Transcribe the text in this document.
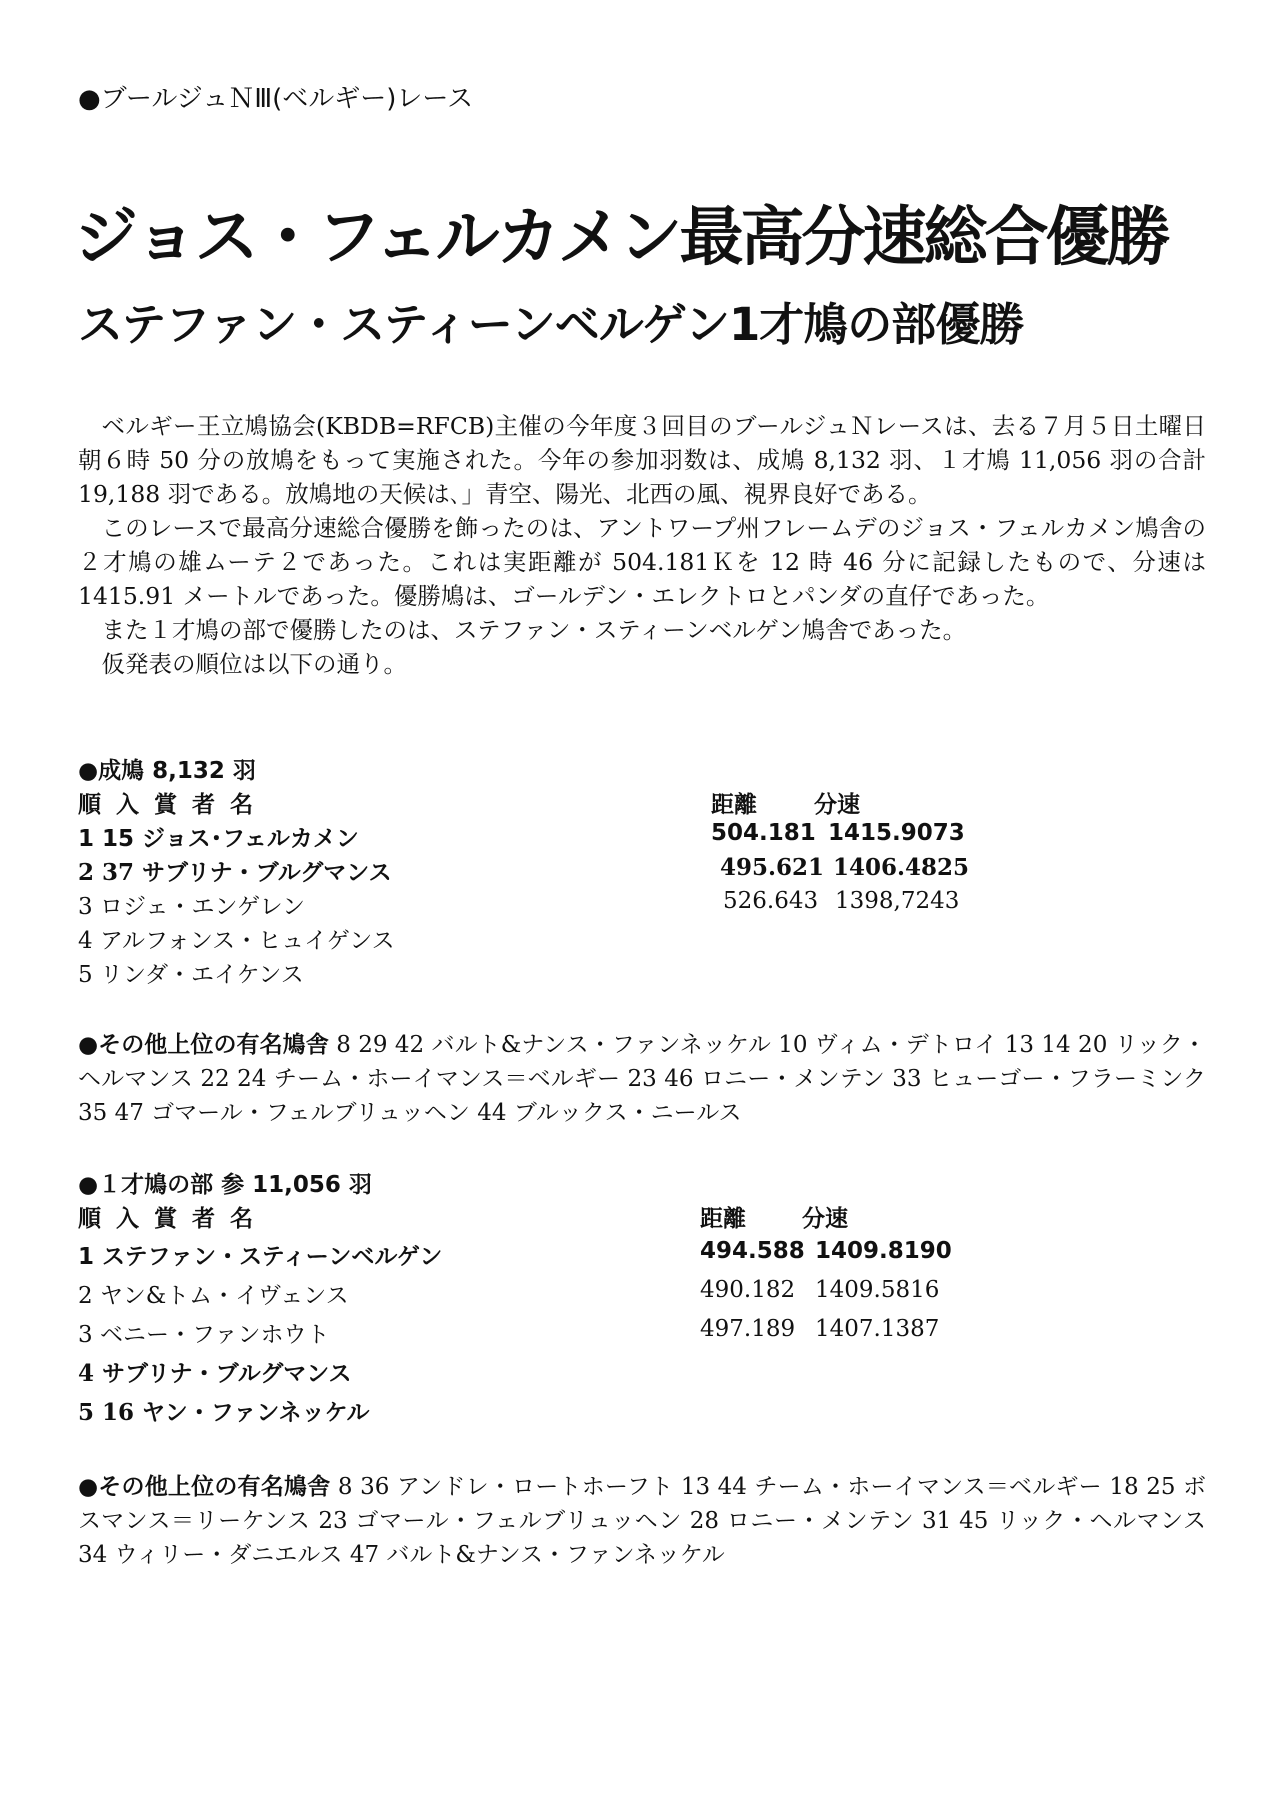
●ブールジュＮⅢ(ベルギー)レース
ジョス・フェルカメン最高分速総合優勝
ステファン・スティーンベルゲン1才鳩の部優勝

ベルギー王立鳩協会(KBDB=RFCB)主催の今年度３回目のブールジュＮレースは、去る７月５日土曜日朝６時 50 分の放鳩をもって実施された。今年の参加羽数は、成鳩 8,132 羽、１才鳩 11,056 羽の合計 19,188 羽である。放鳩地の天候は､」青空、陽光、北西の風、視界良好である。

このレースで最高分速総合優勝を飾ったのは、アントワープ州フレームデのジョス・フェルカメン鳩舎の２才鳩の雄ムーテ２であった。これは実距離が 504.181Ｋを 12 時 46 分に記録したもので、分速は 1415.91 メートルであった。優勝鳩は、ゴールデン・エレクトロとパンダの直仔であった。

また１才鳩の部で優勝したのは、ステファン・スティーンベルゲン鳩舎であった。

仮発表の順位は以下の通り。

●成鳩 8,132 羽
順入賞者名	距離 分速
1 15 ジョス･フェルカメン	504.181 1415.9073
2 37 サブリナ・ブルグマンス	495.621 1406.4825
3 ロジェ・エンゲレン	526.643 1398,7243
4 アルフォンス・ヒュイゲンス
5 リンダ・エイケンス
●その他上位の有名鳩舎 8 29 42 バルト&ナンス・ファンネッケル 10 ヴィム・デトロイ 13 14 20 リック・ヘルマンス 22 24 チーム・ホーイマンス＝ベルギー 23 46 ロニー・メンテン 33 ヒューゴー・フラーミンク 35 47 ゴマール・フェルブリュッヘン 44 ブルックス・ニールス
●１才鳩の部 参 11,056 羽
順入賞者名	距離 分速
1 ステファン・スティーンベルゲン	494.588 1409.8190
2 ヤン&トム・イヴェンス	490.182 1409.5816
3 ベニー・ファンホウト	497.189 1407.1387
4 サブリナ・ブルグマンス
5 16 ヤン・ファンネッケル
●その他上位の有名鳩舎 8 36 アンドレ・ロートホーフト 13 44 チーム・ホーイマンス＝ベルギー 18 25 ボスマンス＝リーケンス 23 ゴマール・フェルブリュッヘン 28 ロニー・メンテン 31 45 リック・ヘルマンス 34 ウィリー・ダニエルス 47 バルト&ナンス・ファンネッケル
